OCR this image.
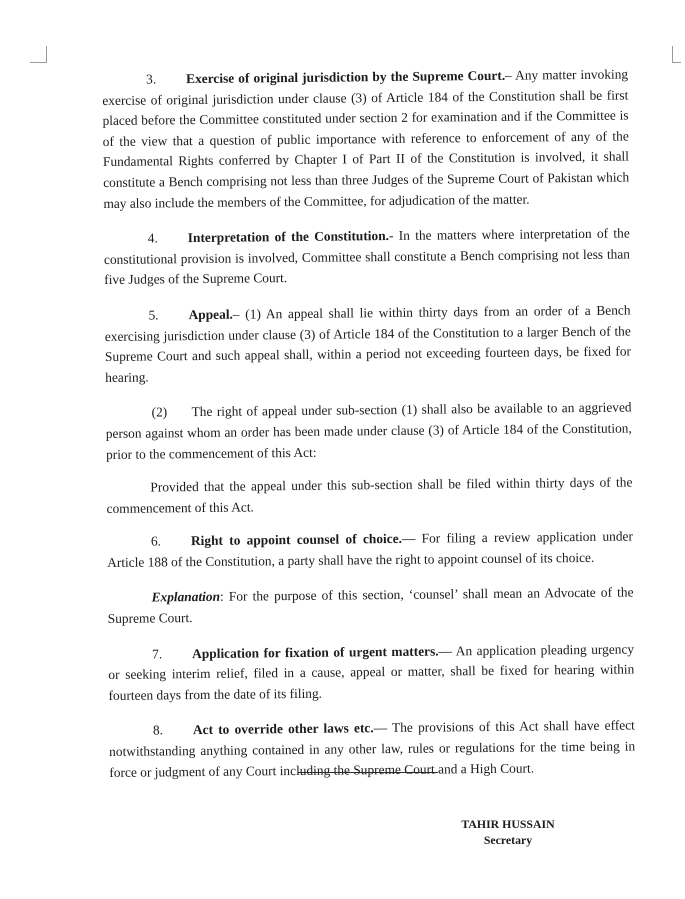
3. Exercise of original jurisdiction by the Supreme Court.– Any matter invoking exercise of original jurisdiction under clause (3) of Article 184 of the Constitution shall be first placed before the Committee constituted under section 2 for examination and if the Committee is of the view that a question of public importance with reference to enforcement of any of the Fundamental Rights conferred by Chapter I of Part II of the Constitution is involved, it shall constitute a Bench comprising not less than three Judges of the Supreme Court of Pakistan which may also include the members of the Committee, for adjudication of the matter.

4. Interpretation of the Constitution.- In the matters where interpretation of the constitutional provision is involved, Committee shall constitute a Bench comprising not less than five Judges of the Supreme Court.

5. Appeal.– (1) An appeal shall lie within thirty days from an order of a Bench exercising jurisdiction under clause (3) of Article 184 of the Constitution to a larger Bench of the Supreme Court and such appeal shall, within a period not exceeding fourteen days, be fixed for hearing.

(2) The right of appeal under sub-section (1) shall also be available to an aggrieved person against whom an order has been made under clause (3) of Article 184 of the Constitution, prior to the commencement of this Act:

Provided that the appeal under this sub-section shall be filed within thirty days of the commencement of this Act.

6. Right to appoint counsel of choice.— For filing a review application under Article 188 of the Constitution, a party shall have the right to appoint counsel of its choice.

Explanation: For the purpose of this section, ‘counsel’ shall mean an Advocate of the Supreme Court.

7. Application for fixation of urgent matters.— An application pleading urgency or seeking interim relief, filed in a cause, appeal or matter, shall be fixed for hearing within fourteen days from the date of its filing.

8. Act to override other laws etc.— The provisions of this Act shall have effect notwithstanding anything contained in any other law, rules or regulations for the time being in force or judgment of any Court including the Supreme Court and a High Court.

TAHIR HUSSAIN
Secretary
